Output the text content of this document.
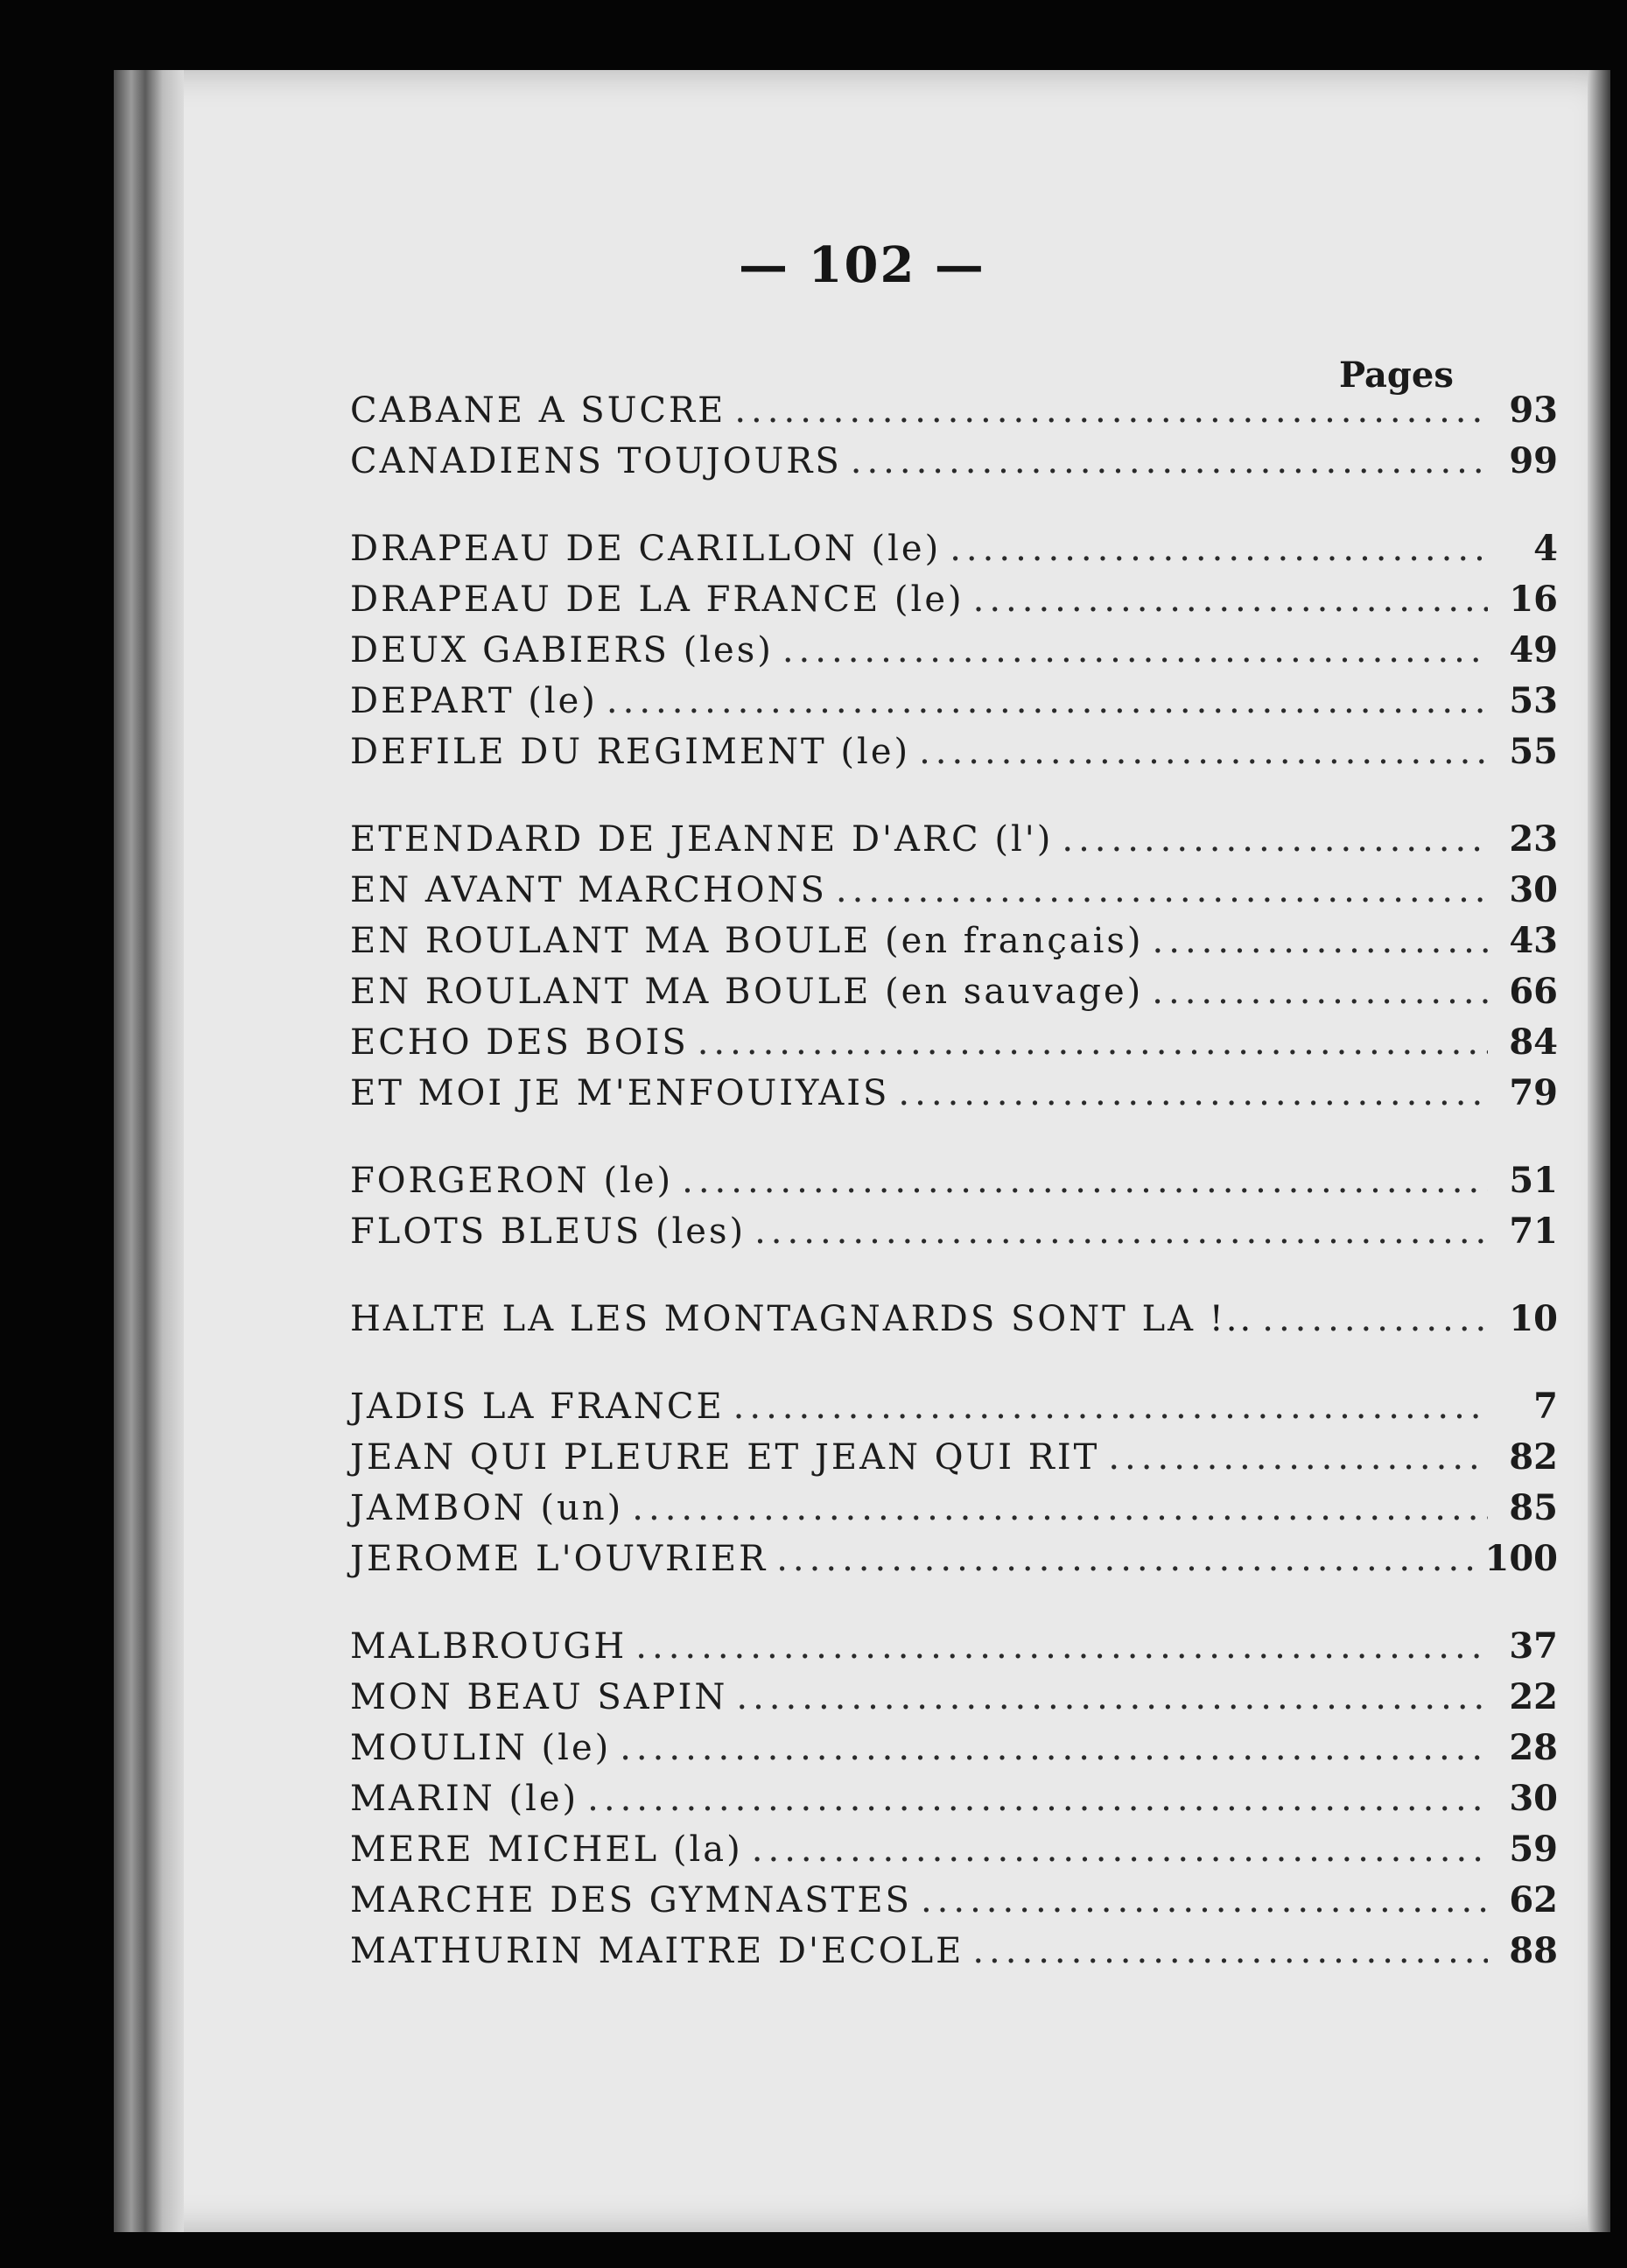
— 102 —
Pages
CABANE A SUCRE .....	93
CANADIENS TOUJOURS .....	99
DRAPEAU DE CARILLON (le) .....	4
DRAPEAU DE LA FRANCE (le) .....	16
DEUX GABIERS (les) .....	49
DEPART (le) .....	53
DEFILE DU REGIMENT (le) .....	55
ETENDARD DE JEANNE D'ARC (l') .....	23
EN AVANT MARCHONS .....	30
EN ROULANT MA BOULE (en français) .....	43
EN ROULANT MA BOULE (en sauvage) .....	66
ECHO DES BOIS .....	84
ET MOI JE M'ENFOUIYAIS .....	79
FORGERON (le) .....	51
FLOTS BLEUS (les) .....	71
HALTE LA LES MONTAGNARDS SONT LA !.. .....	10
JADIS LA FRANCE .....	7
JEAN QUI PLEURE ET JEAN QUI RIT .....	82
JAMBON (un) .....	85
JEROME L'OUVRIER .....	100
MALBROUGH .....	37
MON BEAU SAPIN .....	22
MOULIN (le) .....	28
MARIN (le) .....	30
MERE MICHEL (la) .....	59
MARCHE DES GYMNASTES .....	62
MATHURIN MAITRE D'ECOLE .....	88
